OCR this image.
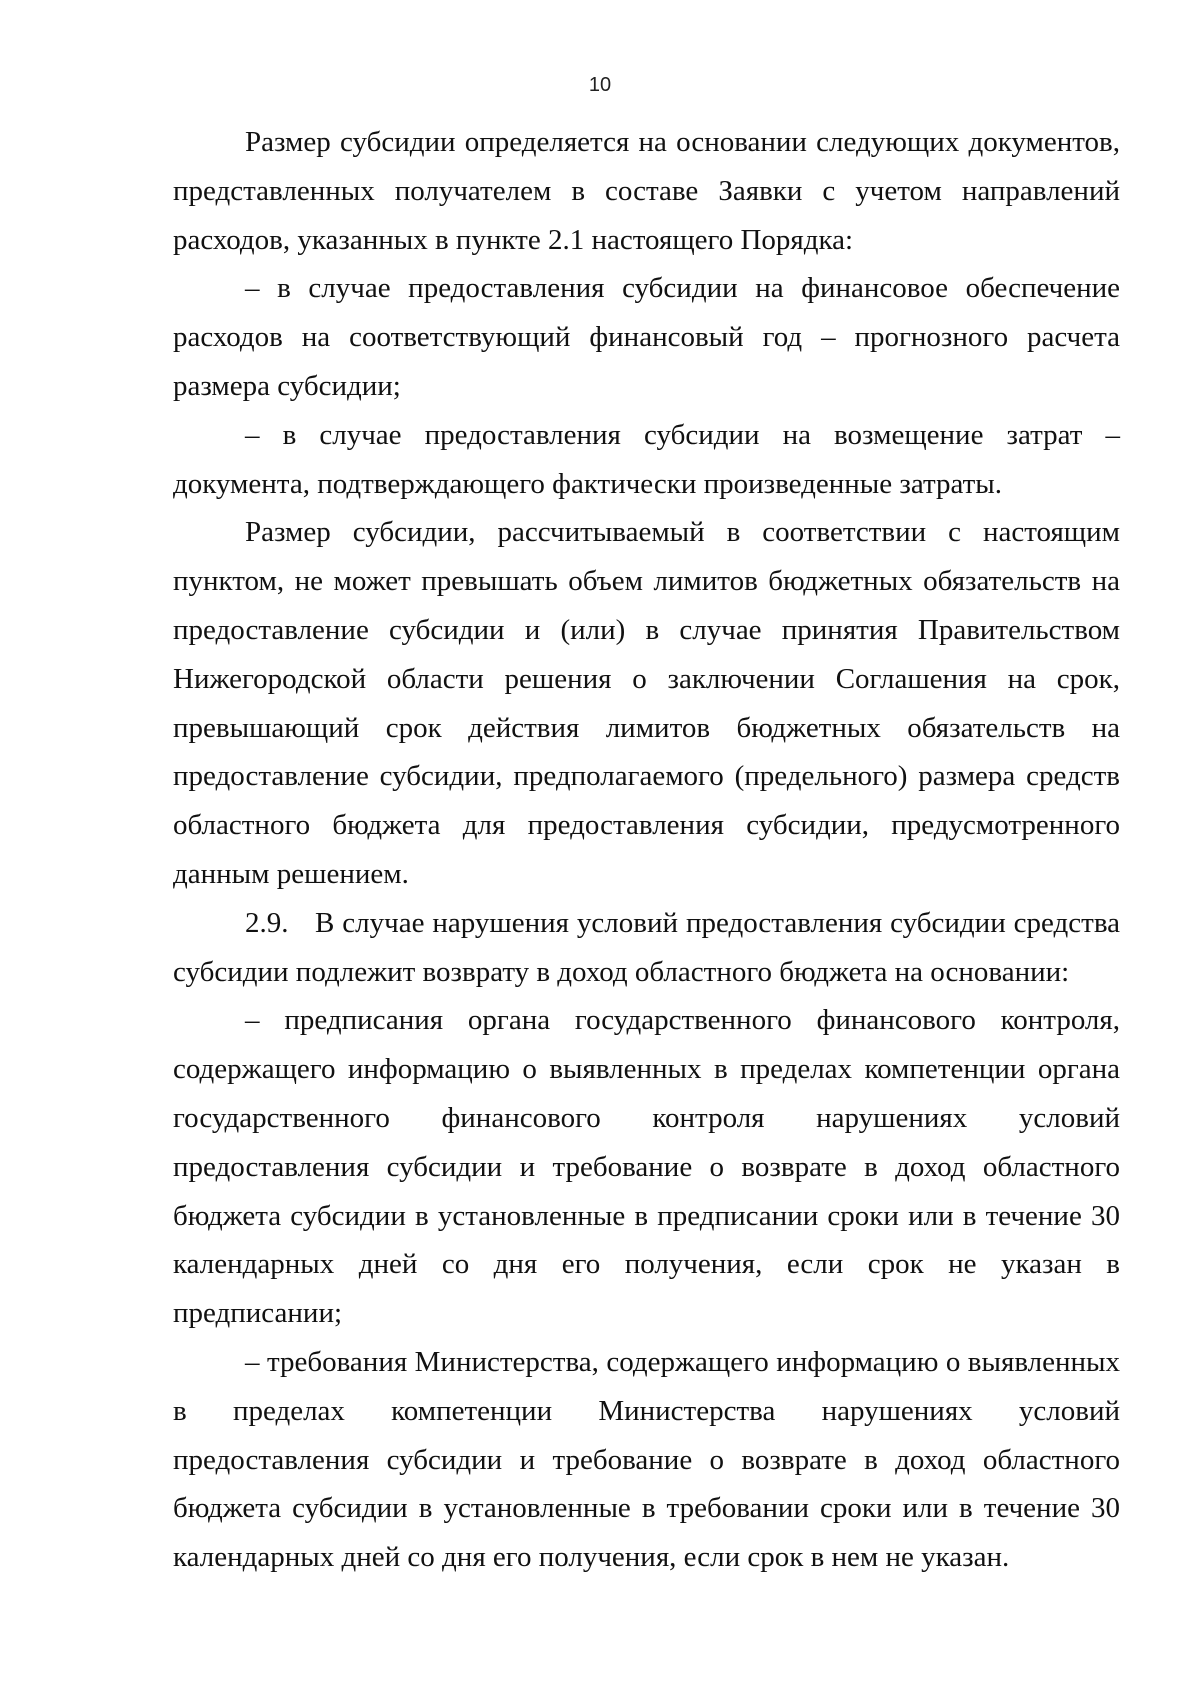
10

Размер субсидии определяется на основании следующих документов, представленных получателем в составе Заявки с учетом направлений расходов, указанных в пункте 2.1 настоящего Порядка:

– в случае предоставления субсидии на финансовое обеспечение расходов на соответствующий финансовый год – прогнозного расчета размера субсидии;

– в случае предоставления субсидии на возмещение затрат – документа, подтверждающего фактически произведенные затраты.

Размер субсидии, рассчитываемый в соответствии с настоящим пунктом, не может превышать объем лимитов бюджетных обязательств на предоставление субсидии и (или) в случае принятия Правительством Нижегородской области решения о заключении Соглашения на срок, превышающий срок действия лимитов бюджетных обязательств на предоставление субсидии, предполагаемого (предельного) размера средств областного бюджета для предоставления субсидии, предусмотренного данным решением.

2.9. В случае нарушения условий предоставления субсидии средства субсидии подлежит возврату в доход областного бюджета на основании:

– предписания органа государственного финансового контроля, содержащего информацию о выявленных в пределах компетенции органа государственного финансового контроля нарушениях условий предоставления субсидии и требование о возврате в доход областного бюджета субсидии в установленные в предписании сроки или в течение 30 календарных дней со дня его получения, если срок не указан в предписании;

– требования Министерства, содержащего информацию о выявленных в пределах компетенции Министерства нарушениях условий предоставления субсидии и требование о возврате в доход областного бюджета субсидии в установленные в требовании сроки или в течение 30 календарных дней со дня его получения, если срок в нем не указан.
